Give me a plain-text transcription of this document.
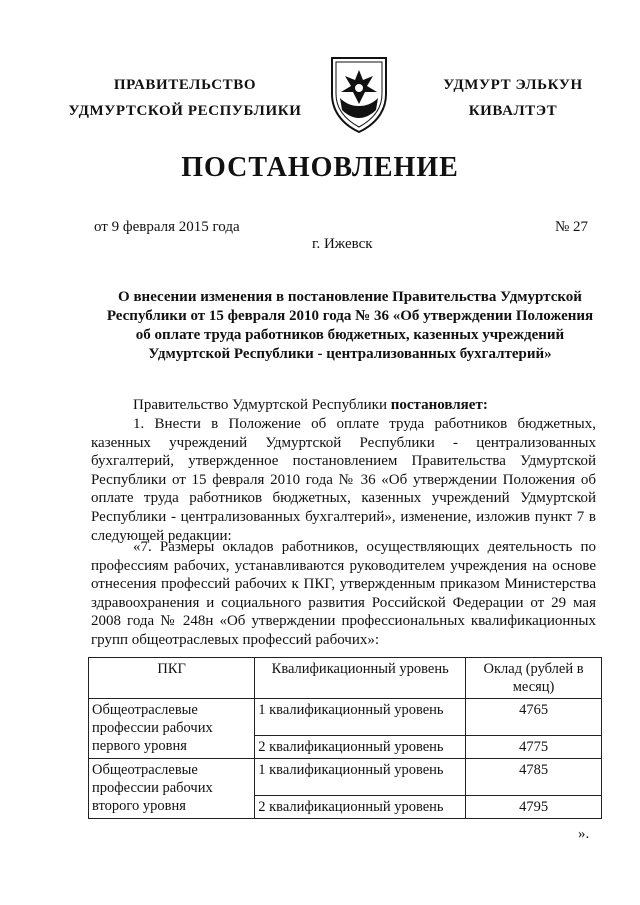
ПРАВИТЕЛЬСТВО
УДМУРТСКОЙ РЕСПУБЛИКИ
УДМУРТ ЭЛЬКУН
КИВАЛТЭТ
ПОСТАНОВЛЕНИЕ
от 9 февраля 2015 года	№ 27
г. Ижевск
О внесении изменения в постановление Правительства Удмуртской Республики от 15 февраля 2010 года № 36 «Об утверждении Положения об оплате труда работников бюджетных, казенных учреждений Удмуртской Республики - централизованных бухгалтерий»
Правительство Удмуртской Республики постановляет:
1. Внести в Положение об оплате труда работников бюджетных, казенных учреждений Удмуртской Республики - централизованных бухгалтерий, утвержденное постановлением Правительства Удмуртской Республики от 15 февраля 2010 года № 36 «Об утверждении Положения об оплате труда работников бюджетных, казенных учреждений Удмуртской Республики - централизованных бухгалтерий», изменение, изложив пункт 7 в следующей редакции:
«7. Размеры окладов работников, осуществляющих деятельность по профессиям рабочих, устанавливаются руководителем учреждения на основе отнесения профессий рабочих к ПКГ, утвержденным приказом Министерства здравоохранения и социального развития Российской Федерации от 29 мая 2008 года № 248н «Об утверждении профессиональных квалификационных групп общеотраслевых профессий рабочих»:
ПКГ	Квалификационный уровень	Оклад (рублей в месяц)
Общеотраслевые профессии рабочих первого уровня	1 квалификационный уровень	4765
	2 квалификационный уровень	4775
Общеотраслевые профессии рабочих второго уровня	1 квалификационный уровень	4785
	2 квалификационный уровень	4795
».
